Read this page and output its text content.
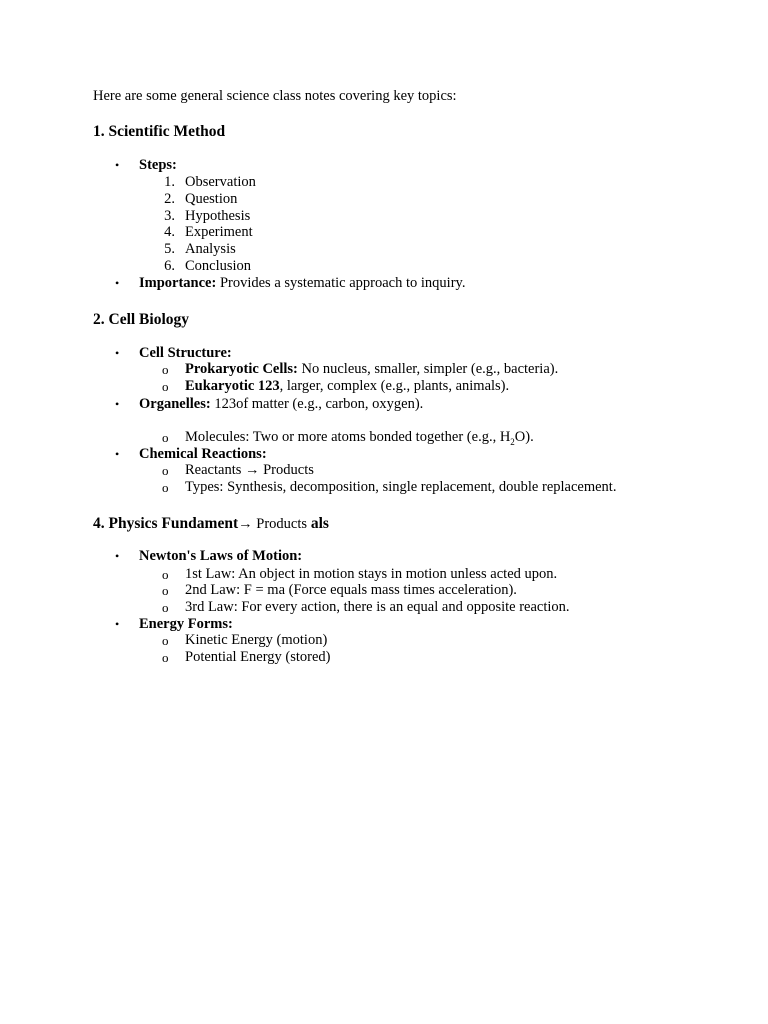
Here are some general science class notes covering key topics:
1. Scientific Method
• Steps:
1. Observation
2. Question
3. Hypothesis
4. Experiment
5. Analysis
6. Conclusion
• Importance: Provides a systematic approach to inquiry.
2. Cell Biology
• Cell Structure:
o Prokaryotic Cells: No nucleus, smaller, simpler (e.g., bacteria).
o Eukaryotic 123, larger, complex (e.g., plants, animals).
• Organelles: 123of matter (e.g., carbon, oxygen).
o Molecules: Two or more atoms bonded together (e.g., $H_2O$).
• Chemical Reactions:
o Reactants → Products
o Types: Synthesis, decomposition, single replacement, double replacement.
4. Physics Fundament→ Products als
• Newton's Laws of Motion:
o 1st Law: An object in motion stays in motion unless acted upon.
o 2nd Law: F = ma (Force equals mass times acceleration).
o 3rd Law: For every action, there is an equal and opposite reaction.
• Energy Forms:
o Kinetic Energy (motion)
o Potential Energy (stored)
